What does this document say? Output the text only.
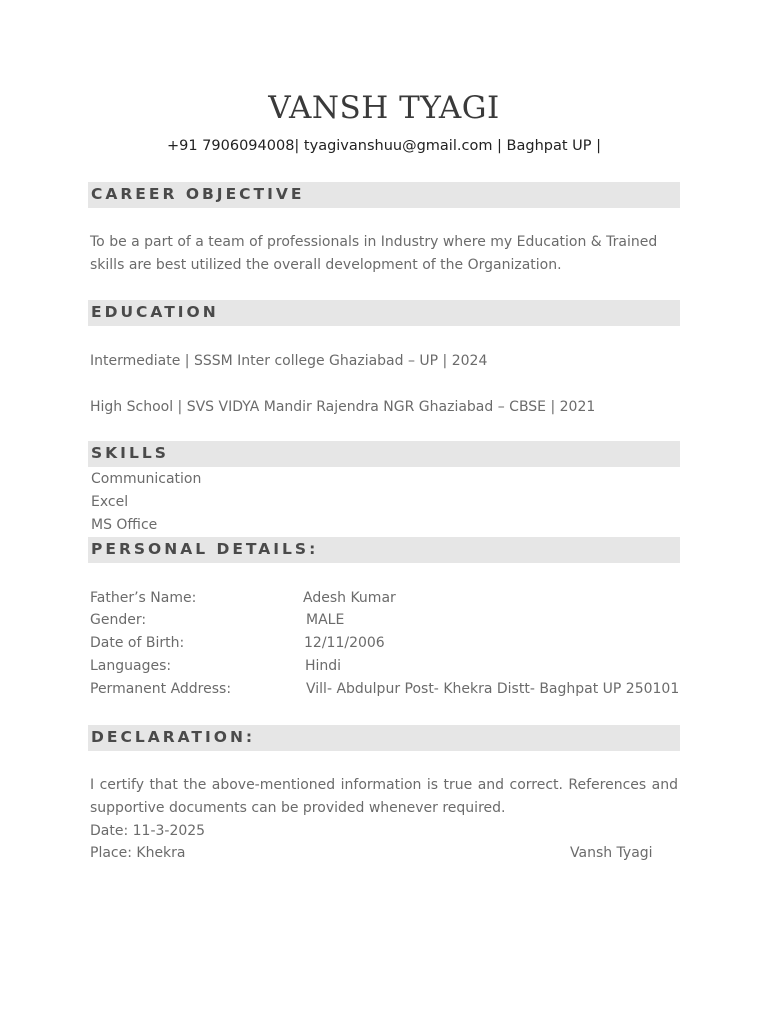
VANSH TYAGI
+91 7906094008| tyagivanshuu@gmail.com | Baghpat UP |
CAREER OBJECTIVE
To be a part of a team of professionals in Industry where my Education & Trained skills are best utilized the overall development of the Organization.
EDUCATION
Intermediate | SSSM Inter college Ghaziabad – UP | 2024
High School | SVS VIDYA Mandir Rajendra NGR Ghaziabad – CBSE | 2021
SKILLS
Communication
Excel
MS Office
PERSONAL DETAILS:
Father’s Name:	Adesh Kumar
Gender:	MALE
Date of Birth:	12/11/2006
Languages:	Hindi
Permanent Address:	Vill- Abdulpur Post- Khekra Distt- Baghpat UP 250101
DECLARATION:
I certify that the above-mentioned information is true and correct. References and supportive documents can be provided whenever required.
Date: 11-3-2025
Place: Khekra	Vansh Tyagi
